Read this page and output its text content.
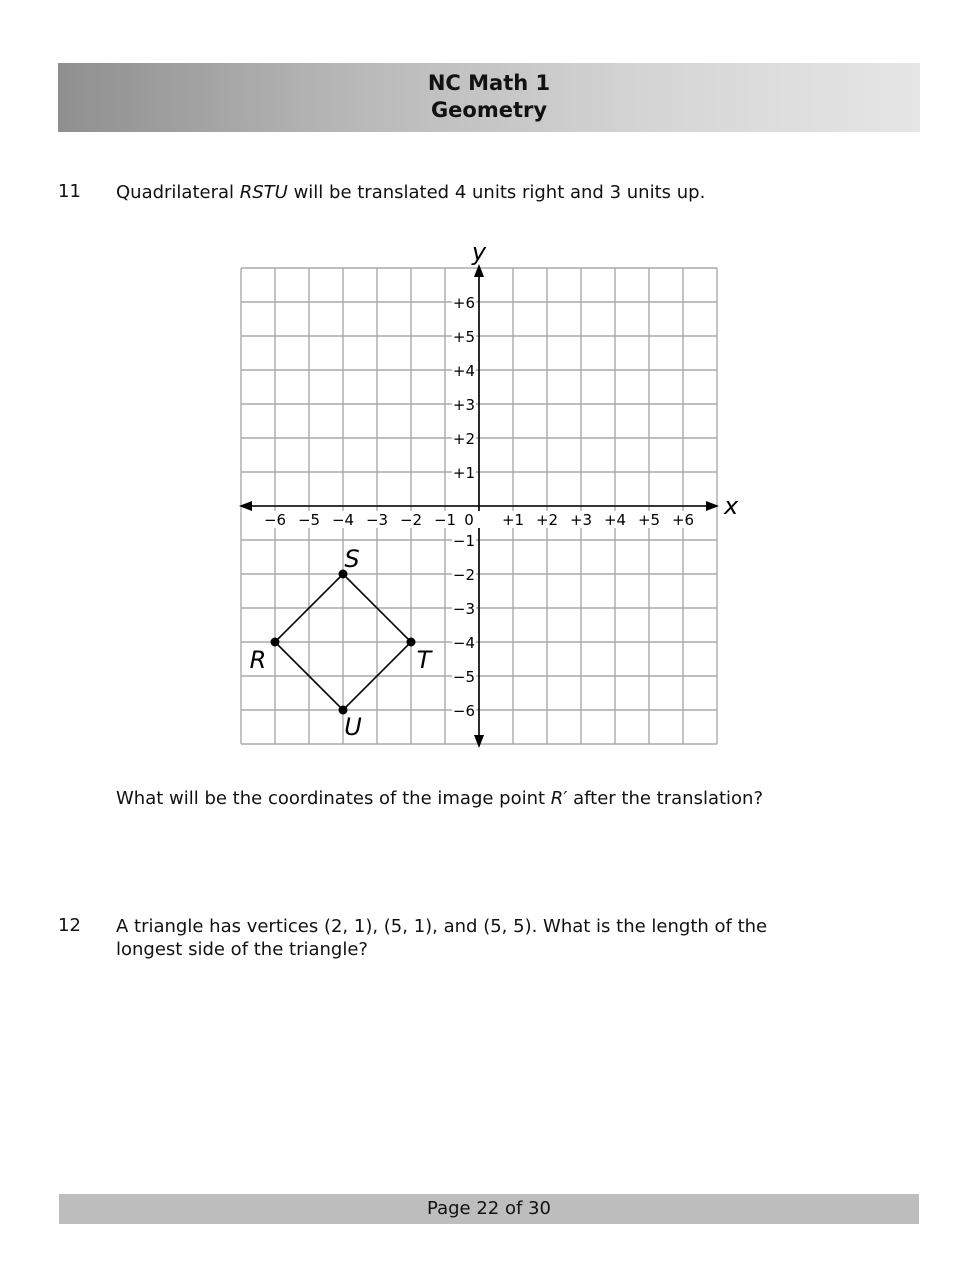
NC Math 1
Geometry
11 Quadrilateral RSTU will be translated 4 units right and 3 units up.
x
y
−6 −5 −4 −3 −2 −1 0 +1 +2 +3 +4 +5 +6
+6
+5
+4
+3
+2
+1
−1
−2
−3
−4
−5
−6
R
S
T
U
What will be the coordinates of the image point R′ after the translation?
12 A triangle has vertices (2, 1), (5, 1), and (5, 5). What is the length of the
longest side of the triangle?
Page 22 of 30
